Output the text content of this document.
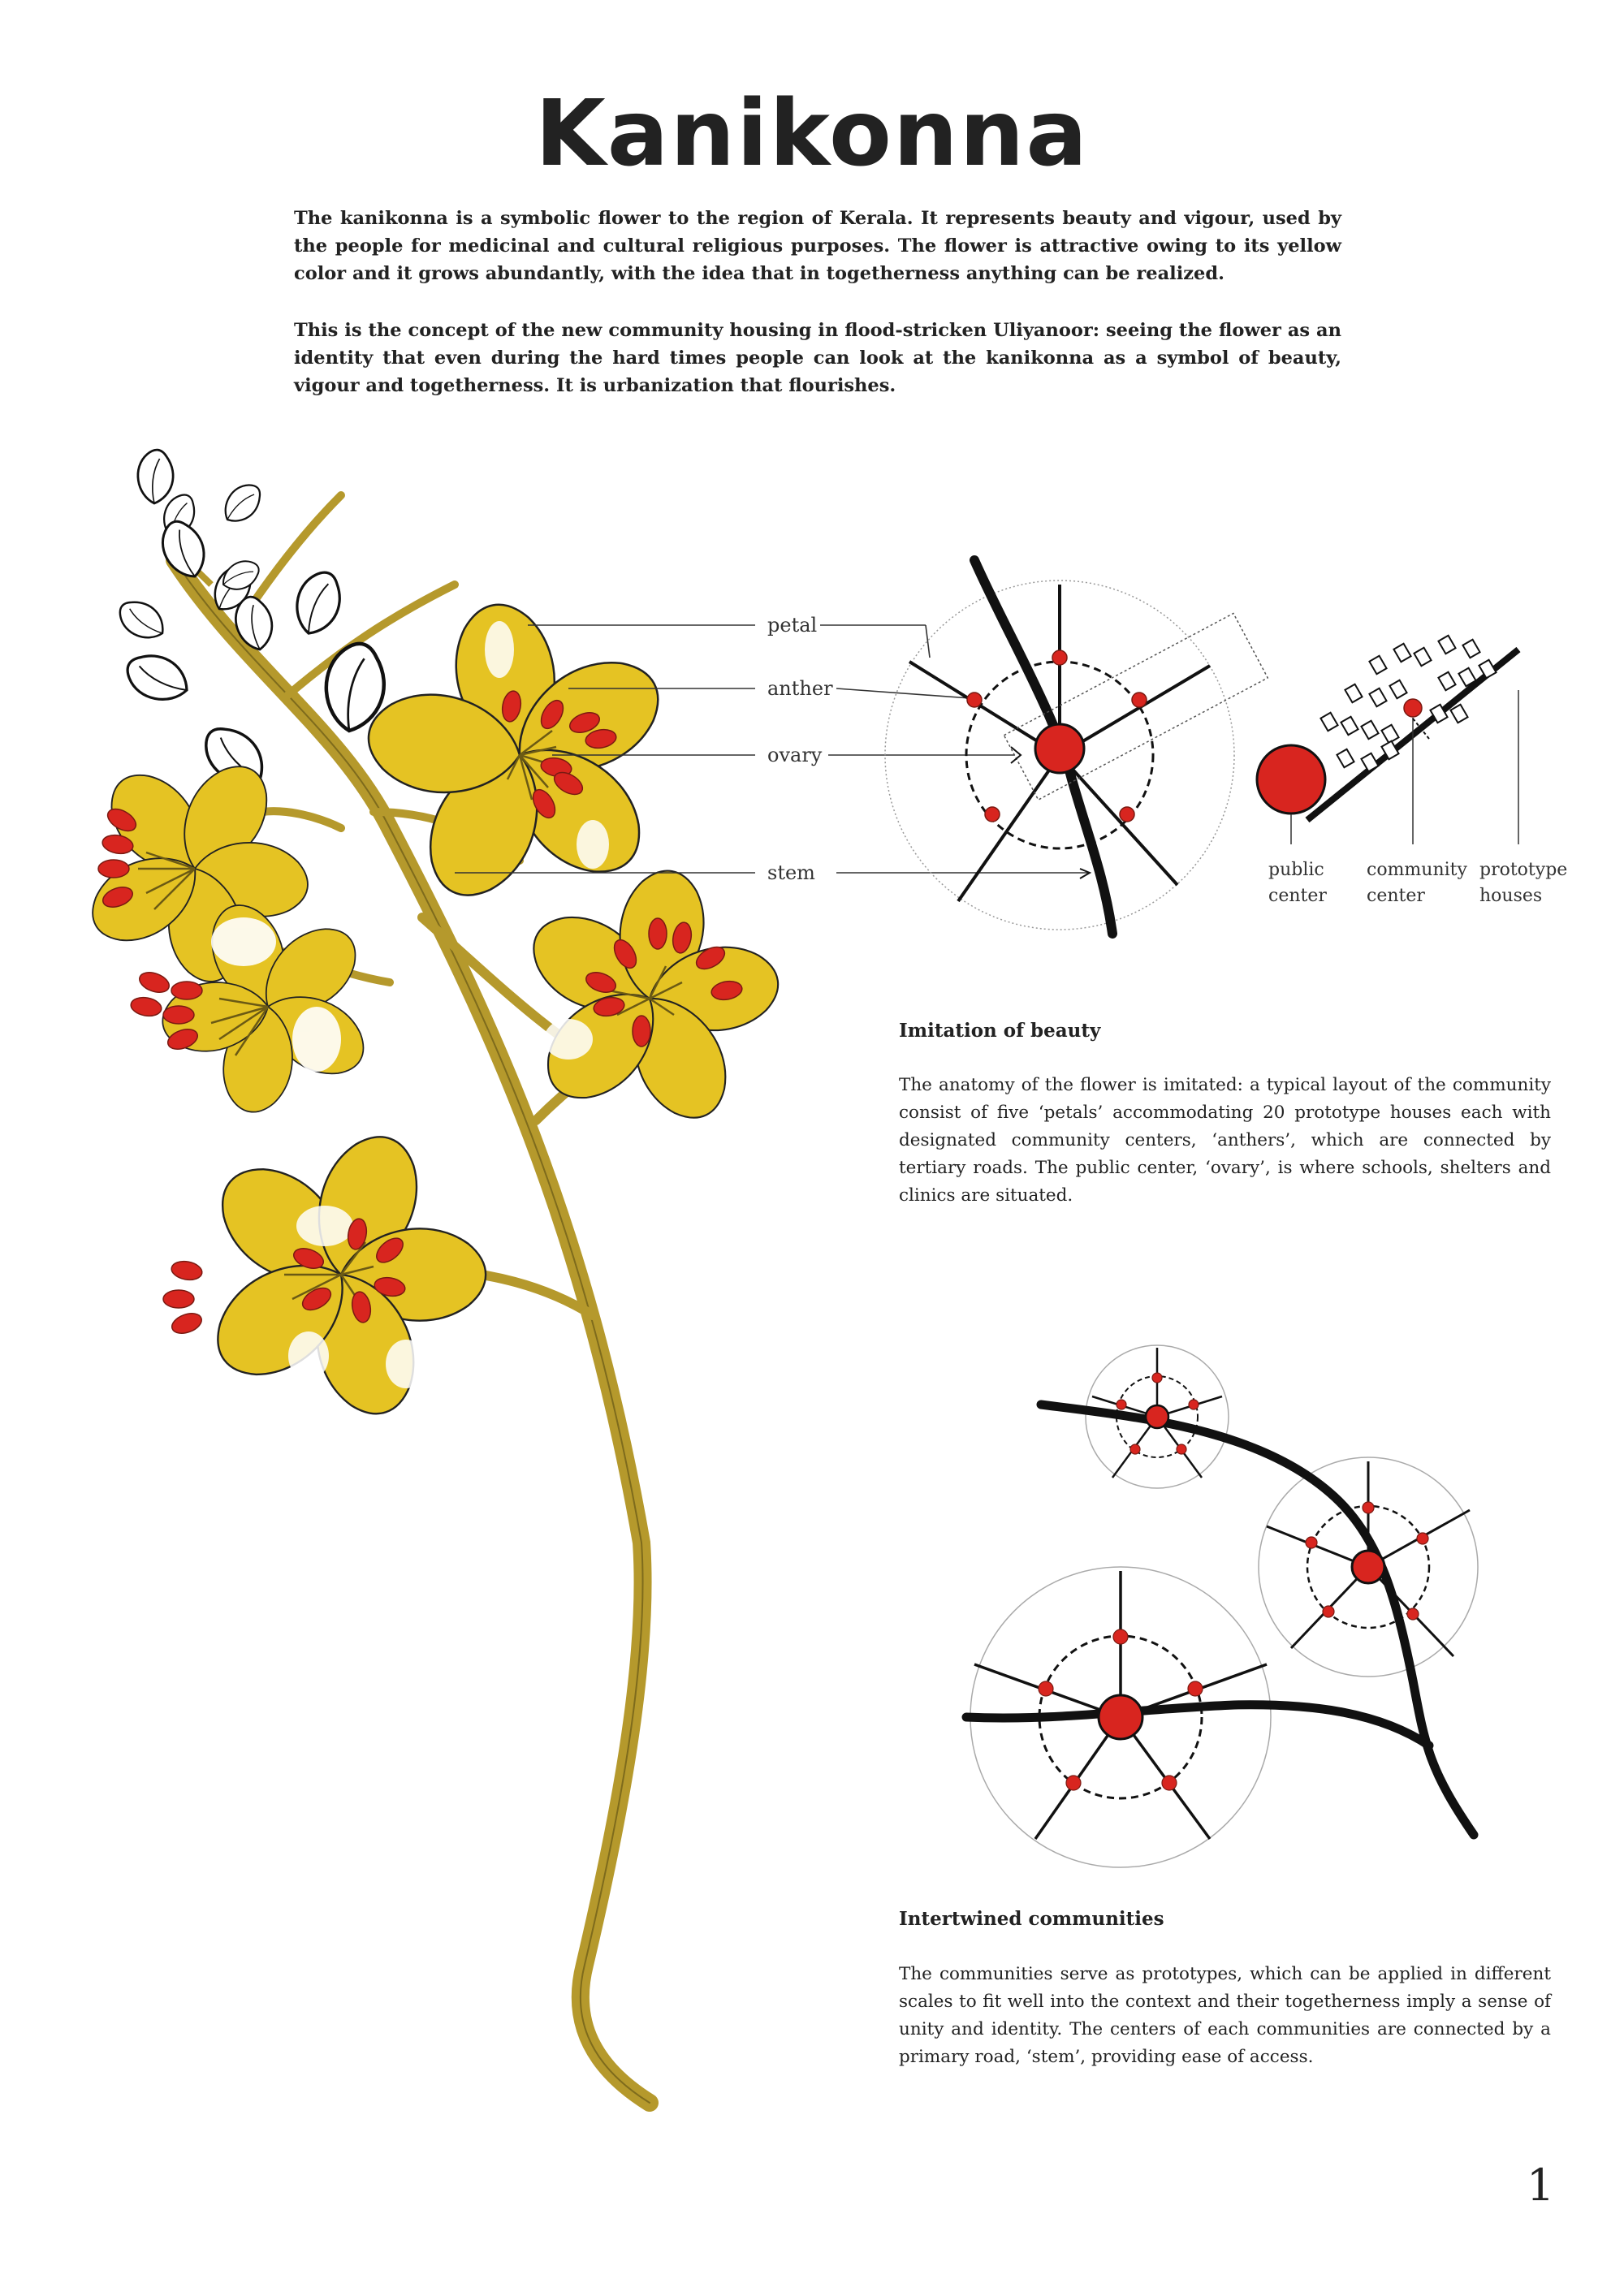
Kanikonna

The kanikonna is a symbolic flower to the region of Kerala. It represents beauty and vigour, used by the people for medicinal and cultural religious purposes. The flower is attractive owing to its yellow color and it grows abundantly, with the idea that in togetherness anything can be realized.

This is the concept of the new community housing in flood-stricken Uliyanoor: seeing the flower as an identity that even during the hard times people can look at the kanikonna as a symbol of beauty, vigour and togetherness. It is urbanization that flourishes.

petal
anther
ovary
stem	public
center
community
center
prototype
houses
Imitation of beauty

The anatomy of the flower is imitated: a typical layout of the community consist of five ‘petals’ accommodating 20 prototype houses each with designated community centers, ‘anthers’, which are connected by tertiary roads. The public center, ‘ovary’, is where schools, shelters and clinics are situated.

Intertwined communities

The communities serve as prototypes, which can be applied in different scales to fit well into the context and their togetherness imply a sense of unity and identity. The centers of each communities are connected by a primary road, ‘stem’, providing ease of access.

1
